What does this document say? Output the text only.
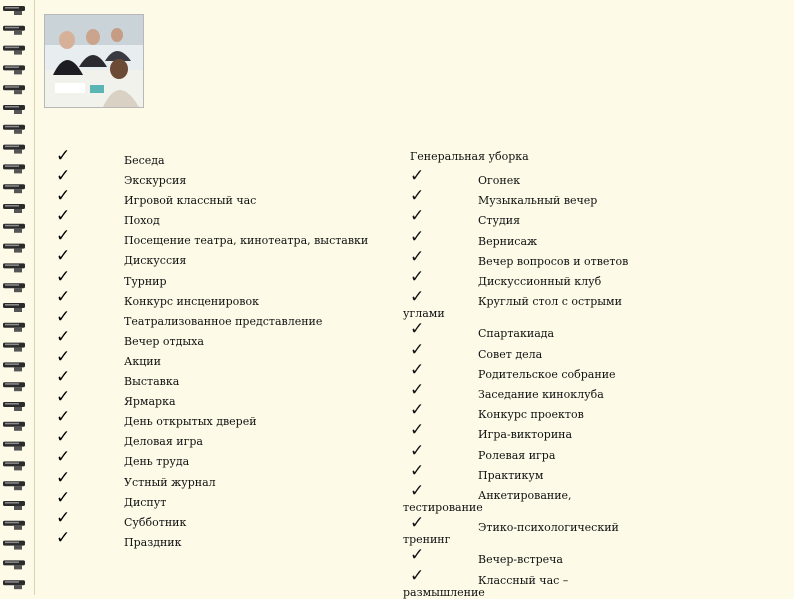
✓	Беседа
✓	Экскурсия
✓	Игровой классный час
✓	Поход
✓	Посещение театра, кинотеатра, выставки
✓	Дискуссия
✓	Турнир
✓	Конкурс инсценировок
✓	Театрализованное представление
✓	Вечер отдыха
✓	Акции
✓	Выставка
✓	Ярмарка
✓	День открытых дверей
✓	Деловая игра
✓	День труда
✓	Устный журнал
✓	Диспут
✓	Субботник
✓	Праздник
Генеральная уборка
✓	Огонек
✓	Музыкальный вечер
✓	Студия
✓	Вернисаж
✓	Вечер вопросов и ответов
✓	Дискуссионный клуб
✓	Круглый стол с острыми
углами
✓	Спартакиада
✓	Совет дела
✓	Родительское собрание
✓	Заседание киноклуба
✓	Конкурс проектов
✓	Игра-викторина
✓	Ролевая игра
✓	Практикум
✓	Анкетирование,
тестирование
✓	Этико-психологический
тренинг
✓	Вечер-встреча
✓	Классный час –
размышление
